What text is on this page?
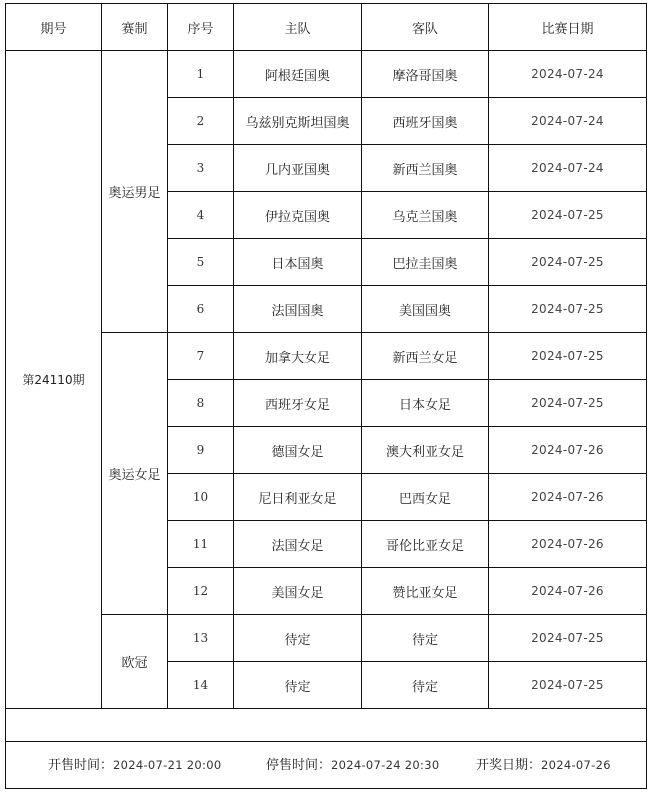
期号	赛制	序号	主队	客队	比赛日期
第24110期	奥运男足	1	阿根廷国奥	摩洛哥国奥	2024-07-24
		2	乌兹别克斯坦国奥	西班牙国奥	2024-07-24
		3	几内亚国奥	新西兰国奥	2024-07-24
		4	伊拉克国奥	乌克兰国奥	2024-07-25
		5	日本国奥	巴拉圭国奥	2024-07-25
		6	法国国奥	美国国奥	2024-07-25
	奥运女足	7	加拿大女足	新西兰女足	2024-07-25
		8	西班牙女足	日本女足	2024-07-25
		9	德国女足	澳大利亚女足	2024-07-26
		10	尼日利亚女足	巴西女足	2024-07-26
		11	法国女足	哥伦比亚女足	2024-07-26
		12	美国女足	赞比亚女足	2024-07-26
	欧冠	13	待定	待定	2024-07-25
		14	待定	待定	2024-07-25

开售时间：2024-07-21 20:00 停售时间：2024-07-24 20:30 开奖日期：2024-07-26					
